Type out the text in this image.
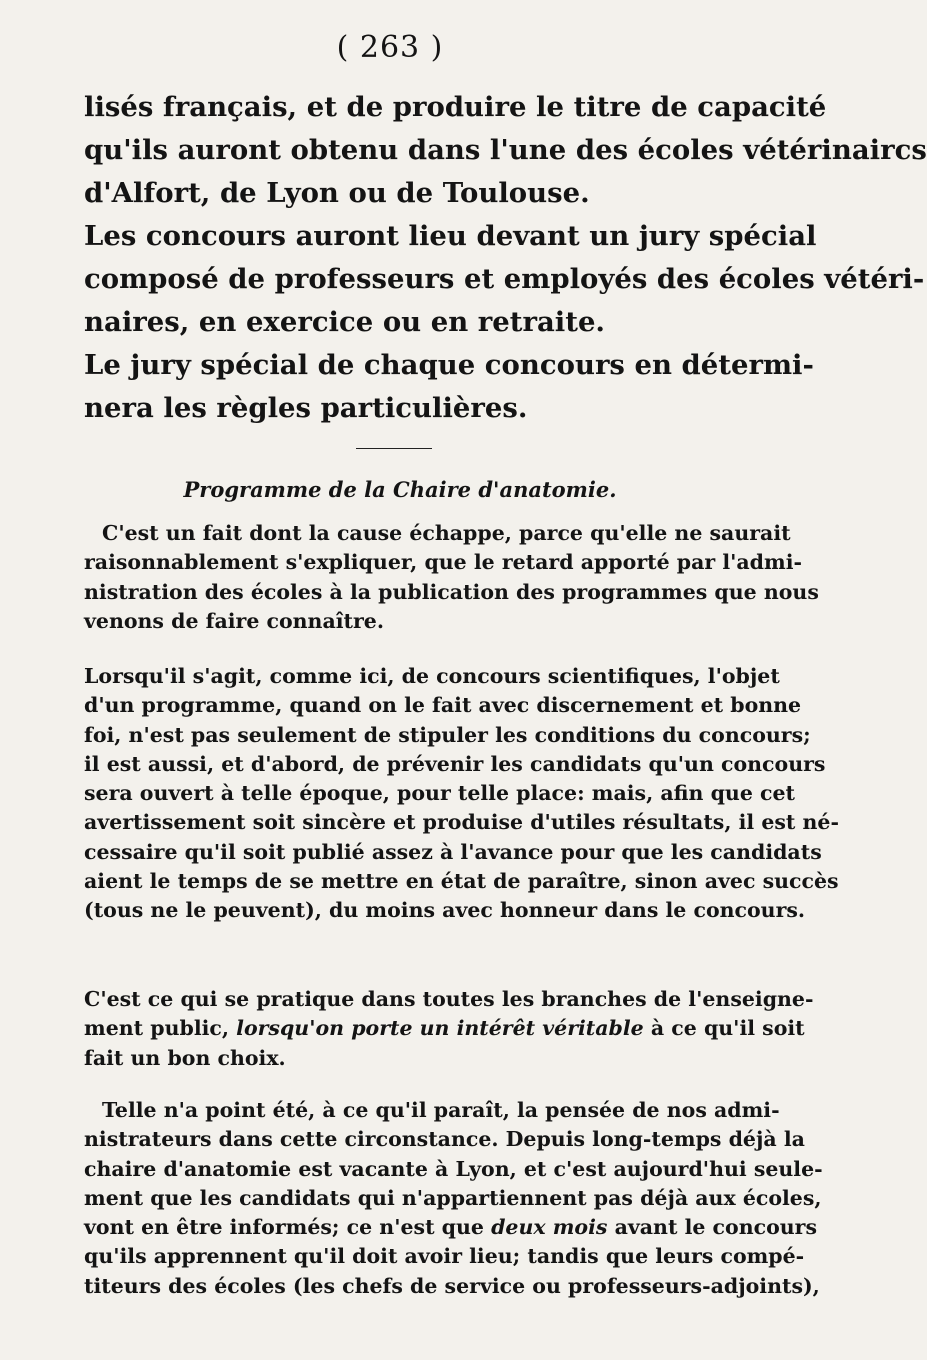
( 263 )

lisés français, et de produire le titre de capacité
qu'ils auront obtenu dans l'une des écoles vétérinaircs
d'Alfort, de Lyon ou de Toulouse.

Les concours auront lieu devant un jury spécial
composé de professeurs et employés des écoles vétéri-
naires, en exercice ou en retraite.

Le jury spécial de chaque concours en détermi-
nera les règles particulières.

Programme de la Chaire d'anatomie.

C'est un fait dont la cause échappe, parce qu'elle ne saurait
raisonnablement s'expliquer, que le retard apporté par l'admi-
nistration des écoles à la publication des programmes que nous
venons de faire connaître.

Lorsqu'il s'agit, comme ici, de concours scientifiques, l'objet
d'un programme, quand on le fait avec discernement et bonne
foi, n'est pas seulement de stipuler les conditions du concours;
il est aussi, et d'abord, de prévenir les candidats qu'un concours
sera ouvert à telle époque, pour telle place: mais, afin que cet
avertissement soit sincère et produise d'utiles résultats, il est né-
cessaire qu'il soit publié assez à l'avance pour que les candidats
aient le temps de se mettre en état de paraître, sinon avec succès
(tous ne le peuvent), du moins avec honneur dans le concours.

C'est ce qui se pratique dans toutes les branches de l'enseigne-
ment public, lorsqu'on porte un intérêt véritable à ce qu'il soit
fait un bon choix.

Telle n'a point été, à ce qu'il paraît, la pensée de nos admi-
nistrateurs dans cette circonstance. Depuis long-temps déjà la
chaire d'anatomie est vacante à Lyon, et c'est aujourd'hui seule-
ment que les candidats qui n'appartiennent pas déjà aux écoles,
vont en être informés; ce n'est que deux mois avant le concours
qu'ils apprennent qu'il doit avoir lieu; tandis que leurs compé-
titeurs des écoles (les chefs de service ou professeurs-adjoints),
